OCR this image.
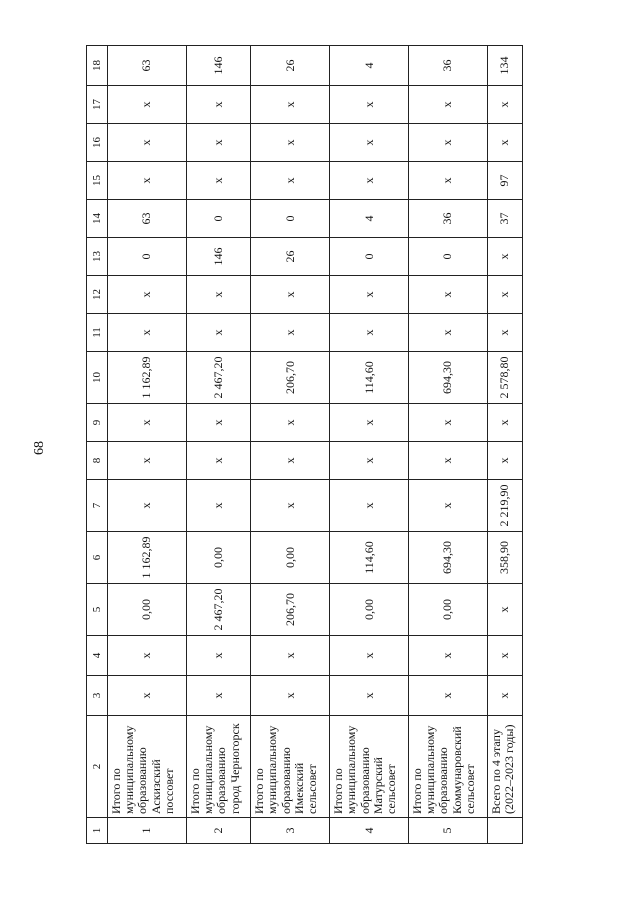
68
1	2	3	4	5	6	7	8	9	10	11	12	13	14	15	16	17	18
1	Итого по муниципальному образованию Аскизский поссовет	x	x	0,00	1 162,89	x	x	x	1 162,89	x	x	0	63	x	x	x	63
2	Итого по муниципальному образованию город Черногорск	x	x	2 467,20	0,00	x	x	x	2 467,20	x	x	146	0	x	x	x	146
3	Итого по муниципальному образованию Имекский сельсовет	x	x	206,70	0,00	x	x	x	206,70	x	x	26	0	x	x	x	26
4	Итого по муниципальному образованию Матурский сельсовет	x	x	0,00	114,60	x	x	x	114,60	x	x	0	4	x	x	x	4
5	Итого по муниципальному образованию Коммунаровский сельсовет	x	x	0,00	694,30	x	x	x	694,30	x	x	0	36	x	x	x	36
	Всего по 4 этапу (2022–2023 годы)	x	x	x	358,90	2 219,90	x	x	2 578,80	x	x	x	37	97	x	x	134
